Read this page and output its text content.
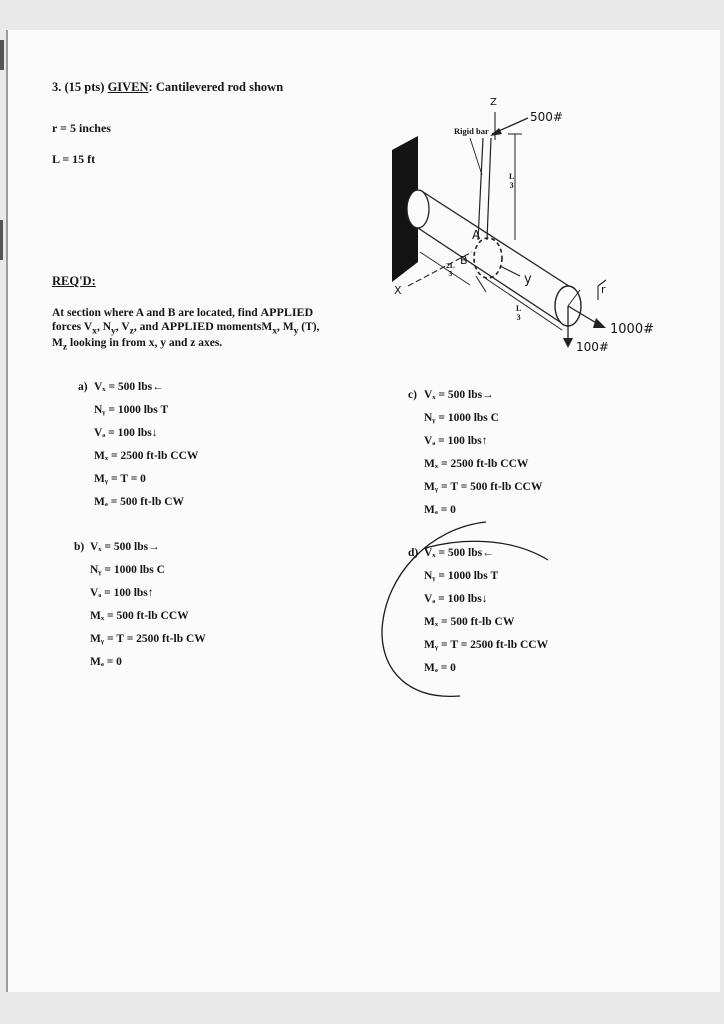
3. (15 pts) GIVEN: Cantilevered rod shown
r = 5 inches
L = 15 ft
REQ'D:
At section where A and B are located, find APPLIED
forces $V_x$, $N_y$, $V_z$, and APPLIED momentsM$_x$, $M_y$ (T),
$M_z$ looking in from x, y and z axes.
Z
Rigid bar
500#
L
3
A
B
y
X
2L
3
L
3
r
1000#
100#
a) Vₓ = 500 lbs←
Nᵧ = 1000 lbs T
Vₔ = 100 lbs↓
Mₓ = 2500 ft-lb CCW
Mᵧ = T = 0
Mₔ = 500 ft-lb CW
b) Vₓ = 500 lbs→
Nᵧ = 1000 lbs C
Vₔ = 100 lbs↑
Mₓ = 500 ft-lb CCW
Mᵧ = T = 2500 ft-lb CW
Mₔ = 0
c) Vₓ = 500 lbs→
Nᵧ = 1000 lbs C
Vₔ = 100 lbs↑
Mₓ = 2500 ft-lb CCW
Mᵧ = T = 500 ft-lb CCW
Mₔ = 0
d) Vₓ = 500 lbs←
Nᵧ = 1000 lbs T
Vₔ = 100 lbs↓
Mₓ = 500 ft-lb CW
Mᵧ = T = 2500 ft-lb CCW
Mₔ = 0
